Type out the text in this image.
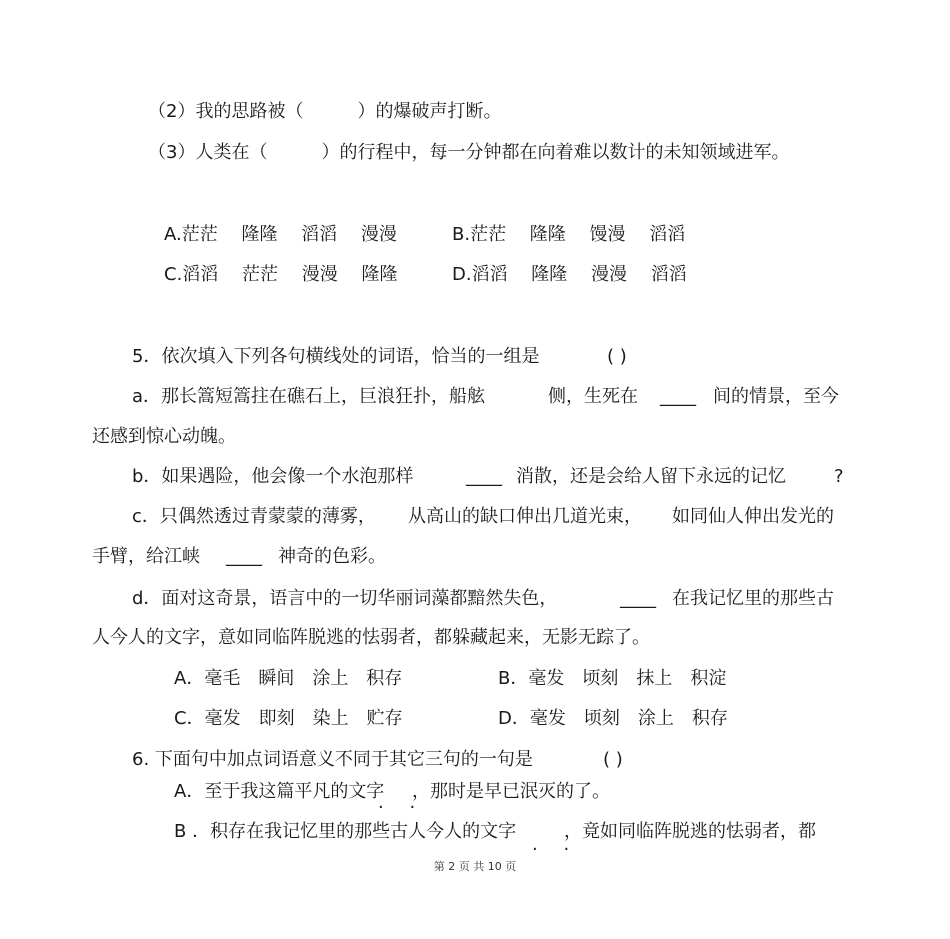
（2）我的思路被（　　　）的爆破声打断。

（3）人类在（　　　）的行程中，每一分钟都在向着难以数计的未知领域进军。

A.茫茫　 隆隆　 滔滔　 漫漫	B.茫茫　 隆隆　 馒漫　 滔滔

C.滔滔　 茫茫　 漫漫　 隆隆	D.滔滔　 隆隆　 漫漫　 滔滔

5．依次填入下列各句横线处的词语，恰当的一组是	( )

a．那长篙短篙拄在礁石上，巨浪狂扑，船舷	侧，生死在 ____ 间的情景，至今

还感到惊心动魄。

b．如果遇险，他会像一个水泡那样	____ 消散，还是会给人留下永远的记忆	?
c．只偶然透过青蒙蒙的薄雾， 从高山的缺口伸出几道光束， 如同仙人伸出发光的
手臂，给江峡 ____ 神奇的色彩。
d．面对这奇景，语言中的一切华丽词藻都黯然失色，	____ 在我记忆里的那些古

人今人的文字，意如同临阵脱逃的怯弱者，都躲藏起来，无影无踪了。

A．毫毛　瞬间　涂上　积存	B．毫发　顷刻　抹上　积淀

C．毫发　即刻　染上　贮存	D．毫发　顷刻　涂上　积存

6. 下面句中加点词语意义不同于其它三句的一句是	( )

A．至于我这篇平凡的文字 ，那时是早已泯灭的了。
. .
B ．积存在我记忆里的那些古人今人的文字	，竟如同临阵脱逃的怯弱者，都
. .
第 2 页 共 10 页
